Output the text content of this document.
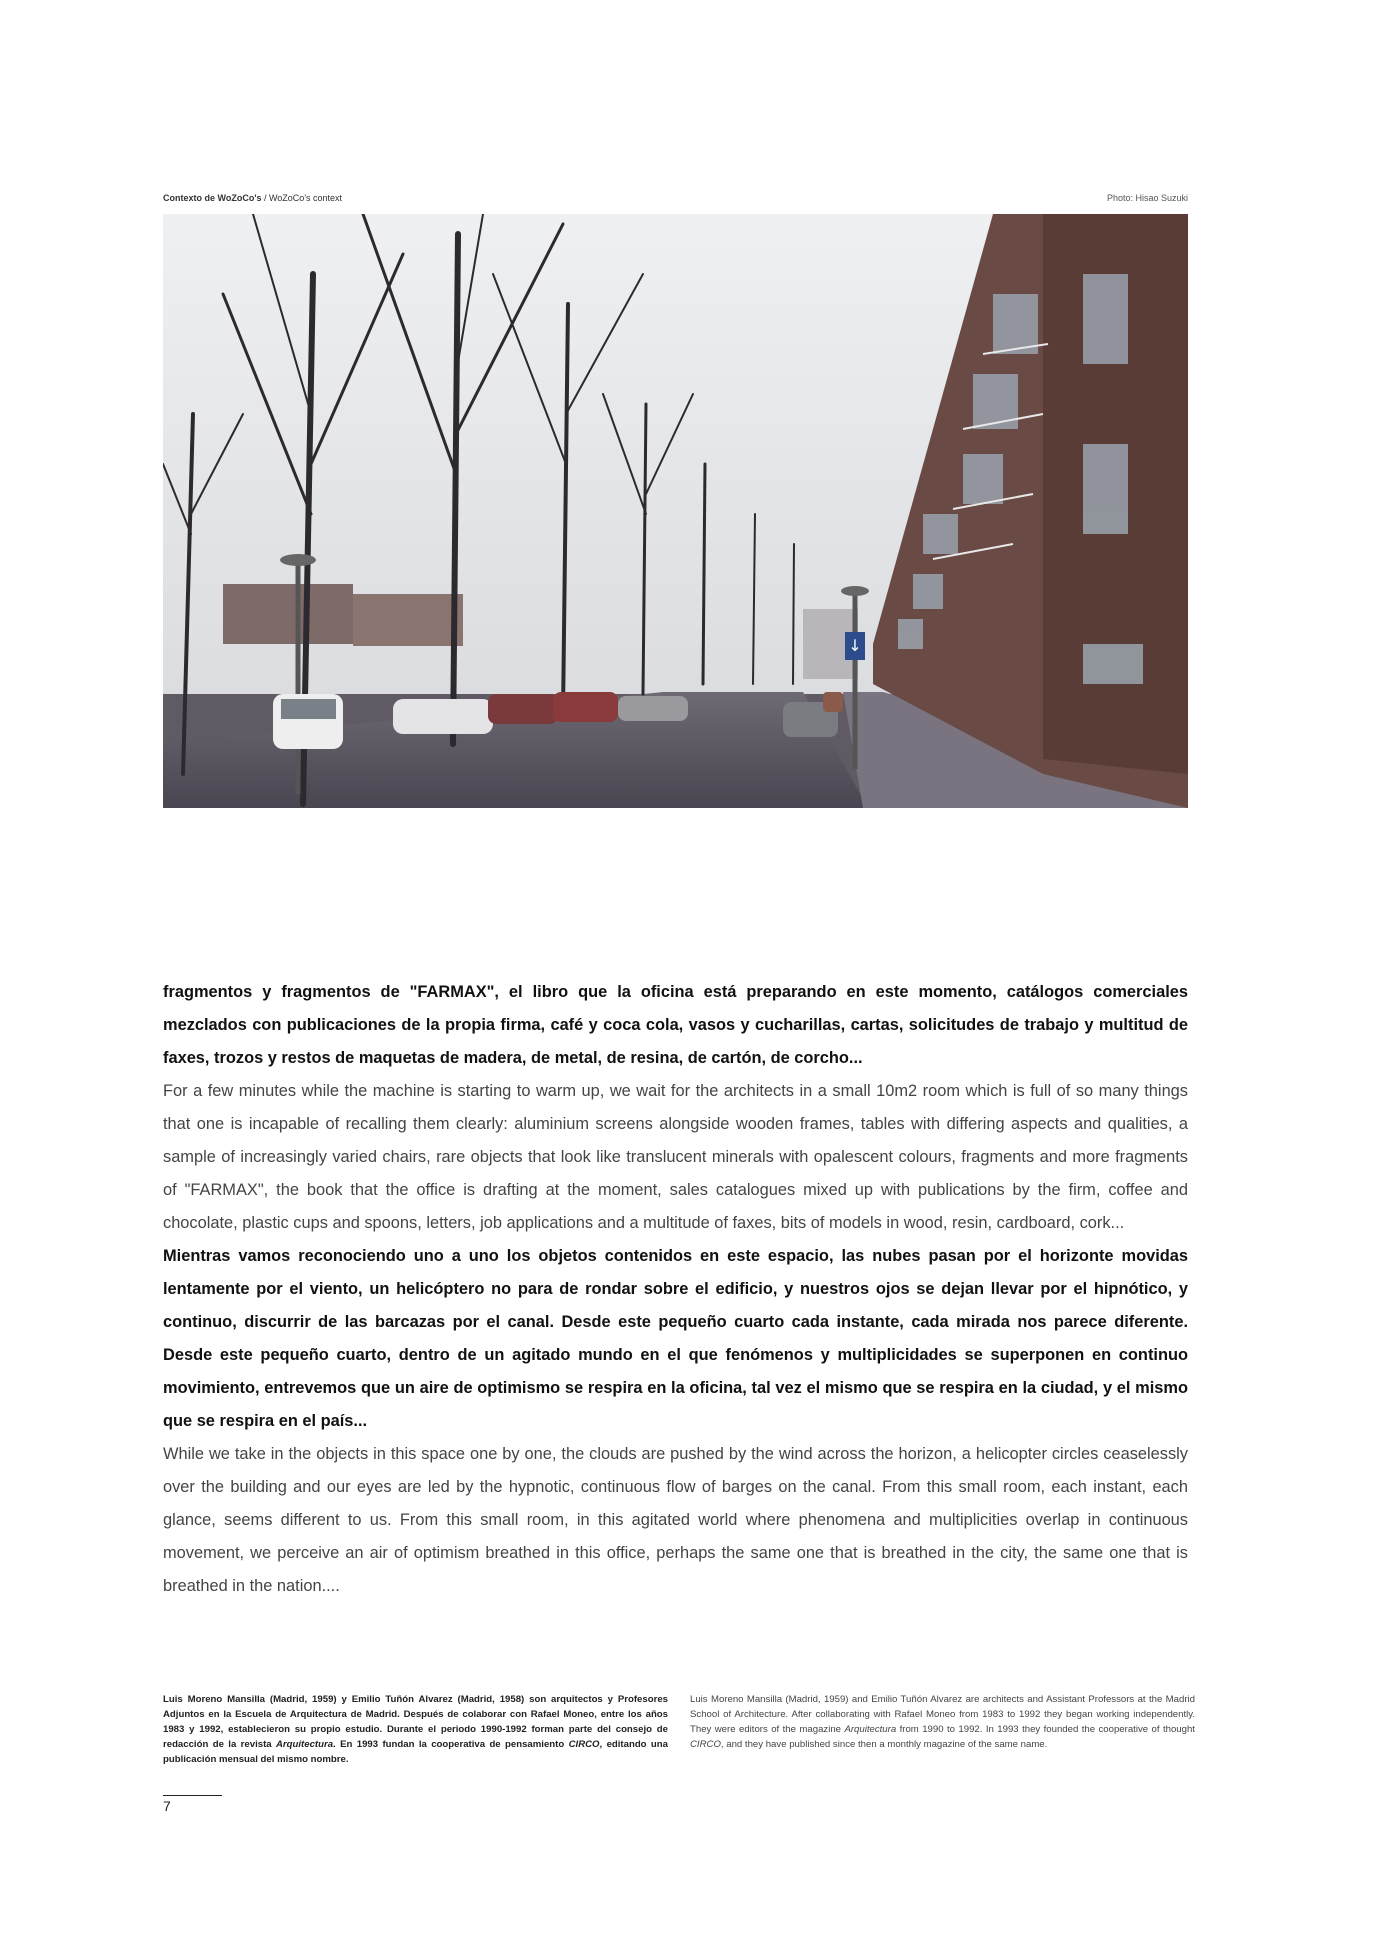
Contexto de WoZoCo's / WoZoCo's context	Photo: Hisao Suzuki
↓

fragmentos y fragmentos de "FARMAX", el libro que la oficina está preparando en este momento, catálogos comerciales mezclados con publicaciones de la propia firma, café y coca cola, vasos y cucharillas, cartas, solicitudes de trabajo y multitud de faxes, trozos y restos de maquetas de madera, de metal, de resina, de cartón, de corcho...

For a few minutes while the machine is starting to warm up, we wait for the architects in a small 10m2 room which is full of so many things that one is incapable of recalling them clearly: aluminium screens alongside wooden frames, tables with differing aspects and qualities, a sample of increasingly varied chairs, rare objects that look like translucent minerals with opalescent colours, fragments and more fragments of "FARMAX", the book that the office is drafting at the moment, sales catalogues mixed up with publications by the firm, coffee and chocolate, plastic cups and spoons, letters, job applications and a multitude of faxes, bits of models in wood, resin, cardboard, cork...

Mientras vamos reconociendo uno a uno los objetos contenidos en este espacio, las nubes pasan por el horizonte movidas lentamente por el viento, un helicóptero no para de rondar sobre el edificio, y nuestros ojos se dejan llevar por el hipnótico, y continuo, discurrir de las barcazas por el canal. Desde este pequeño cuarto cada instante, cada mirada nos parece diferente. Desde este pequeño cuarto, dentro de un agitado mundo en el que fenómenos y multiplicidades se superponen en continuo movimiento, entrevemos que un aire de optimismo se respira en la oficina, tal vez el mismo que se respira en la ciudad, y el mismo que se respira en el país...

While we take in the objects in this space one by one, the clouds are pushed by the wind across the horizon, a helicopter circles ceaselessly over the building and our eyes are led by the hypnotic, continuous flow of barges on the canal. From this small room, each instant, each glance, seems different to us. From this small room, in this agitated world where phenomena and multiplicities overlap in continuous movement, we perceive an air of optimism breathed in this office, perhaps the same one that is breathed in the city, the same one that is breathed in the nation....

Luis Moreno Mansilla (Madrid, 1959) y Emilio Tuñón Alvarez (Madrid, 1958) son arquitectos y Profesores Adjuntos en la Escuela de Arquitectura de Madrid. Después de colaborar con Rafael Moneo, entre los años 1983 y 1992, establecieron su propio estudio. Durante el periodo 1990-1992 forman parte del consejo de redacción de la revista Arquitectura. En 1993 fundan la cooperativa de pensamiento CIRCO, editando una publicación mensual del mismo nombre.

Luis Moreno Mansilla (Madrid, 1959) and Emilio Tuñón Alvarez are architects and Assistant Professors at the Madrid School of Architecture. After collaborating with Rafael Moneo from 1983 to 1992 they began working independently. They were editors of the magazine Arquitectura from 1990 to 1992. In 1993 they founded the cooperative of thought CIRCO, and they have published since then a monthly magazine of the same name.

7
